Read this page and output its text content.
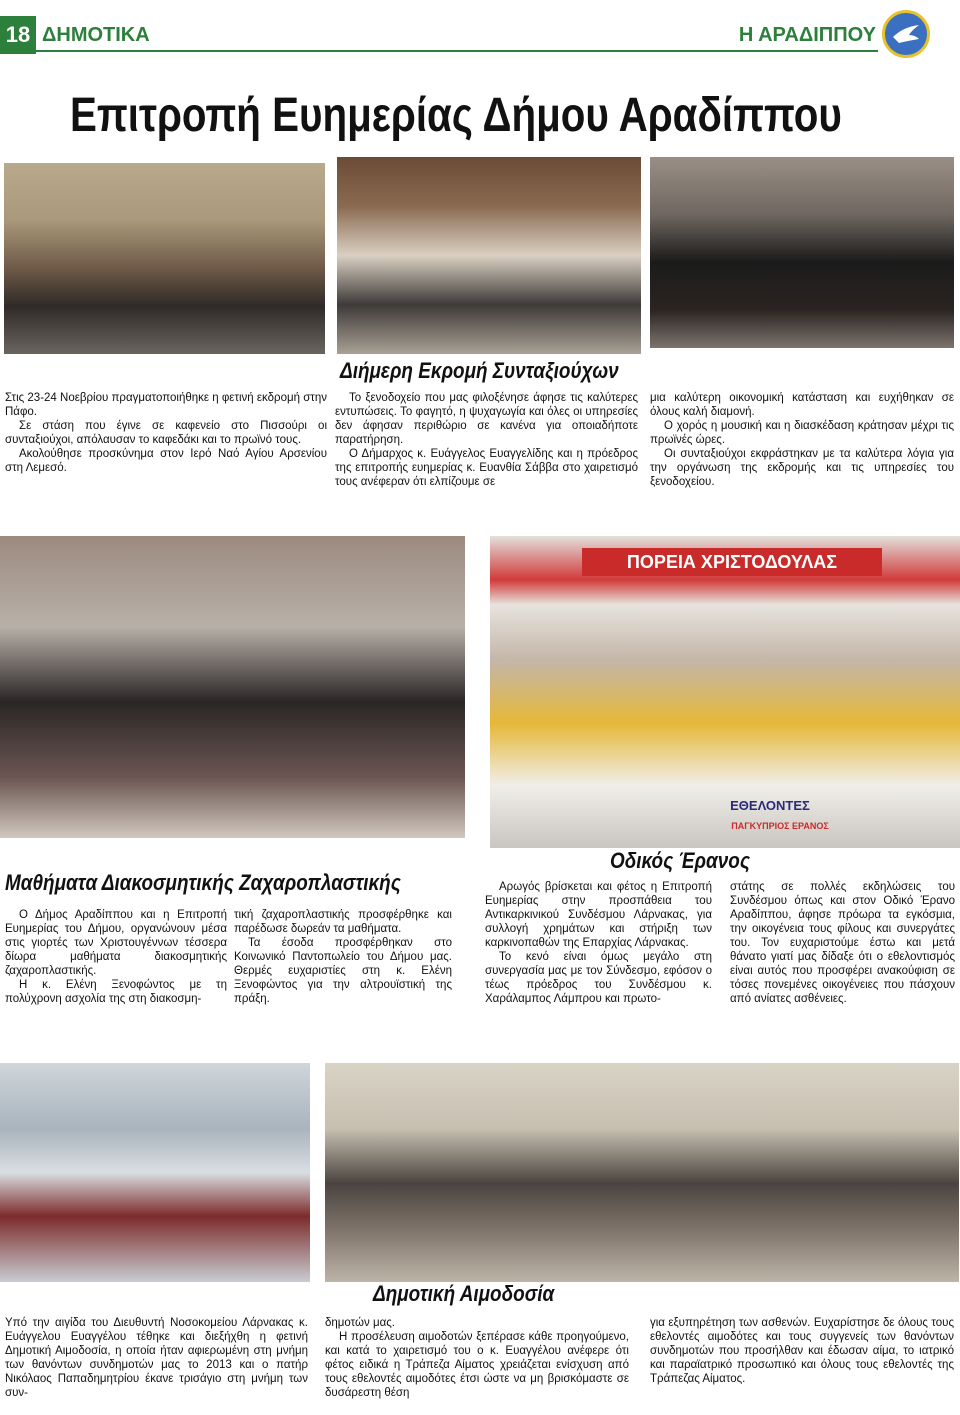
18 ΔΗΜΟΤΙΚΑ	Η ΑΡΑΔΙΠΠΟΥ
Επιτροπή Ευημερίας Δήμου Αραδίππου
Διήμερη Εκρομή Συνταξιούχων

Στις 23-24 Νοεβρίου πραγματοποιήθηκε η φετινή εκδρομή στην Πάφο.

Σε στάση που έγινε σε καφενείο στο Πισσούρι οι συνταξιούχοι, απόλαυσαν το καφεδάκι και το πρωϊνό τους.

Ακολούθησε προσκύνημα στον Ιερό Ναό Αγίου Αρσενίου στη Λεμεσό.

Το ξενοδοχείο που μας φιλοξένησε άφησε τις καλύτερες εντυπώσεις. Το φαγητό, η ψυχαγωγία και όλες οι υπηρεσίες δεν άφησαν περιθώριο σε κανένα για οποιαδήποτε παρατήρηση.

Ο Δήμαρχος κ. Ευάγγελος Ευαγγελίδης και η πρόεδρος της επιτροπής ευημερίας κ. Ευανθία Σάββα στο χαιρετισμό τους ανέφεραν ότι ελπίζουμε σε

μια καλύτερη οικονομική κατάσταση και ευχήθηκαν σε όλους καλή διαμονή.

Ο χορός η μουσική και η διασκέδαση κράτησαν μέχρι τις πρωϊνές ώρες.

Οι συνταξιούχοι εκφράστηκαν με τα καλύτερα λόγια για την οργάνωση της εκδρομής και τις υπηρεσίες του ξενοδοχείου.

ΠΟΡΕΙΑ ΧΡΙΣΤΟΔΟΥΛΑΣ
ΕΘΕΛΟΝΤΕΣ
ΠΑΓΚΥΠΡΙΟΣ ΕΡΑΝΟΣ
Μαθήματα Διακοσμητικής Ζαχαροπλαστικής

Ο Δήμος Αραδίππου και η Επιτροπή Ευημερίας του Δήμου, οργανώνουν μέσα στις γιορτές των Χριστουγέννων τέσσερα δίωρα μαθήματα διακοσμητικής ζαχαροπλαστικής.

Η κ. Ελένη Ξενοφώντος με τη πολύχρονη ασχολία της στη διακοσμη-

τική ζαχαροπλαστικής προσφέρθηκε και παρέδωσε δωρεάν τα μαθήματα.

Τα έσοδα προσφέρθηκαν στο Κοινωνικό Παντοπωλείο του Δήμου μας. Θερμές ευχαριστίες στη κ. Ελένη Ξενοφώντος για την αλτρουϊστική της πράξη.

Οδικός Έρανος

Αρωγός βρίσκεται και φέτος η Επιτροπή Ευημερίας στην προσπάθεια του Αντικαρκινικού Συνδέσμου Λάρνακας, για συλλογή χρημάτων και στήριξη των καρκινοπαθών της Επαρχίας Λάρνακας.

Το κενό είναι όμως μεγάλο στη συνεργασία μας με τον Σύνδεσμο, εφόσον ο τέως πρόεδρος του Συνδέσμου κ. Χαράλαμπος Λάμπρου και πρωτο-

στάτης σε πολλές εκδηλώσεις του Συνδέσμου όπως και στον Οδικό Έρανο Αραδίππου, άφησε πρόωρα τα εγκόσμια, την οικογένεια τους φίλους και συνεργάτες του. Τον ευχαριστούμε έστω και μετά θάνατο γιατί μας δίδαξε ότι ο εθελοντισμός είναι αυτός που προσφέρει ανακούφιση σε τόσες πονεμένες οικογένειες που πάσχουν από ανίατες ασθένειες.

Δημοτική Αιμοδοσία

Υπό την αιγίδα του Διευθυντή Νοσοκομείου Λάρνακας κ. Ευάγγελου Ευαγγέλου τέθηκε και διεξήχθη η φετινή Δημοτική Αιμοδοσία, η οποία ήταν αφιερωμένη στη μνήμη των θανόντων συνδημοτών μας το 2013 και ο πατήρ Νικόλαος Παπαδημητρίου έκανε τρισάγιο στη μνήμη των συν-

δημοτών μας.

Η προσέλευση αιμοδοτών ξεπέρασε κάθε προηγούμενο, και κατά το χαιρετισμό του ο κ. Ευαγγέλου ανέφερε ότι φέτος ειδικά η Τράπεζα Αίματος χρειάζεται ενίσχυση από τους εθελοντές αιμοδότες έτσι ώστε να μη βρισκόμαστε σε δυσάρεστη θέση

για εξυπηρέτηση των ασθενών. Ευχαρίστησε δε όλους τους εθελοντές αιμοδότες και τους συγγενείς των θανόντων συνδημοτών που προσήλθαν και έδωσαν αίμα, το ιατρικό και παραϊατρικό προσωπικό και όλους τους εθελοντές της Τράπεζας Αίματος.
